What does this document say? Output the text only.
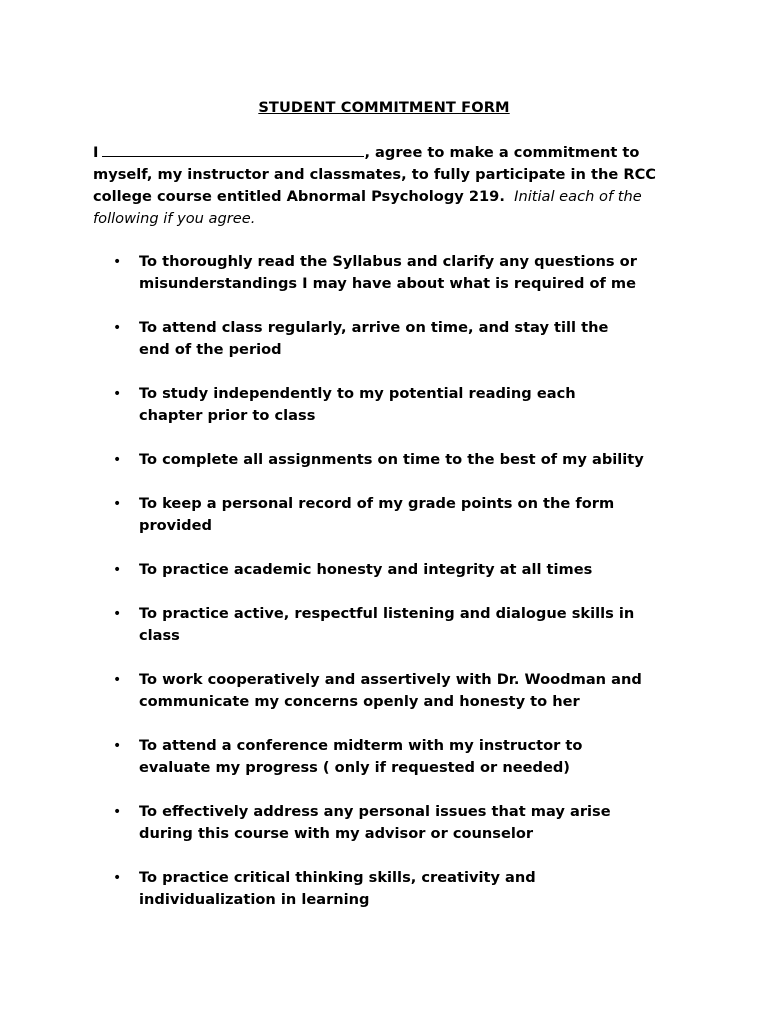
STUDENT COMMITMENT FORM
I	, agree to make a commitment to myself, my instructor and classmates, to fully participate in the RCC college course entitled Abnormal Psychology 219. Initial each of the following if you agree.
• To thoroughly read the Syllabus and clarify any questions or
misunderstandings I may have about what is required of me
• To attend class regularly, arrive on time, and stay till the
end of the period
• To study independently to my potential reading each
chapter prior to class
• To complete all assignments on time to the best of my ability
• To keep a personal record of my grade points on the form
provided
• To practice academic honesty and integrity at all times
• To practice active, respectful listening and dialogue skills in
class
• To work cooperatively and assertively with Dr. Woodman and
communicate my concerns openly and honesty to her
• To attend a conference midterm with my instructor to
evaluate my progress ( only if requested or needed)
• To effectively address any personal issues that may arise
during this course with my advisor or counselor
• To practice critical thinking skills, creativity and
individualization in learning
